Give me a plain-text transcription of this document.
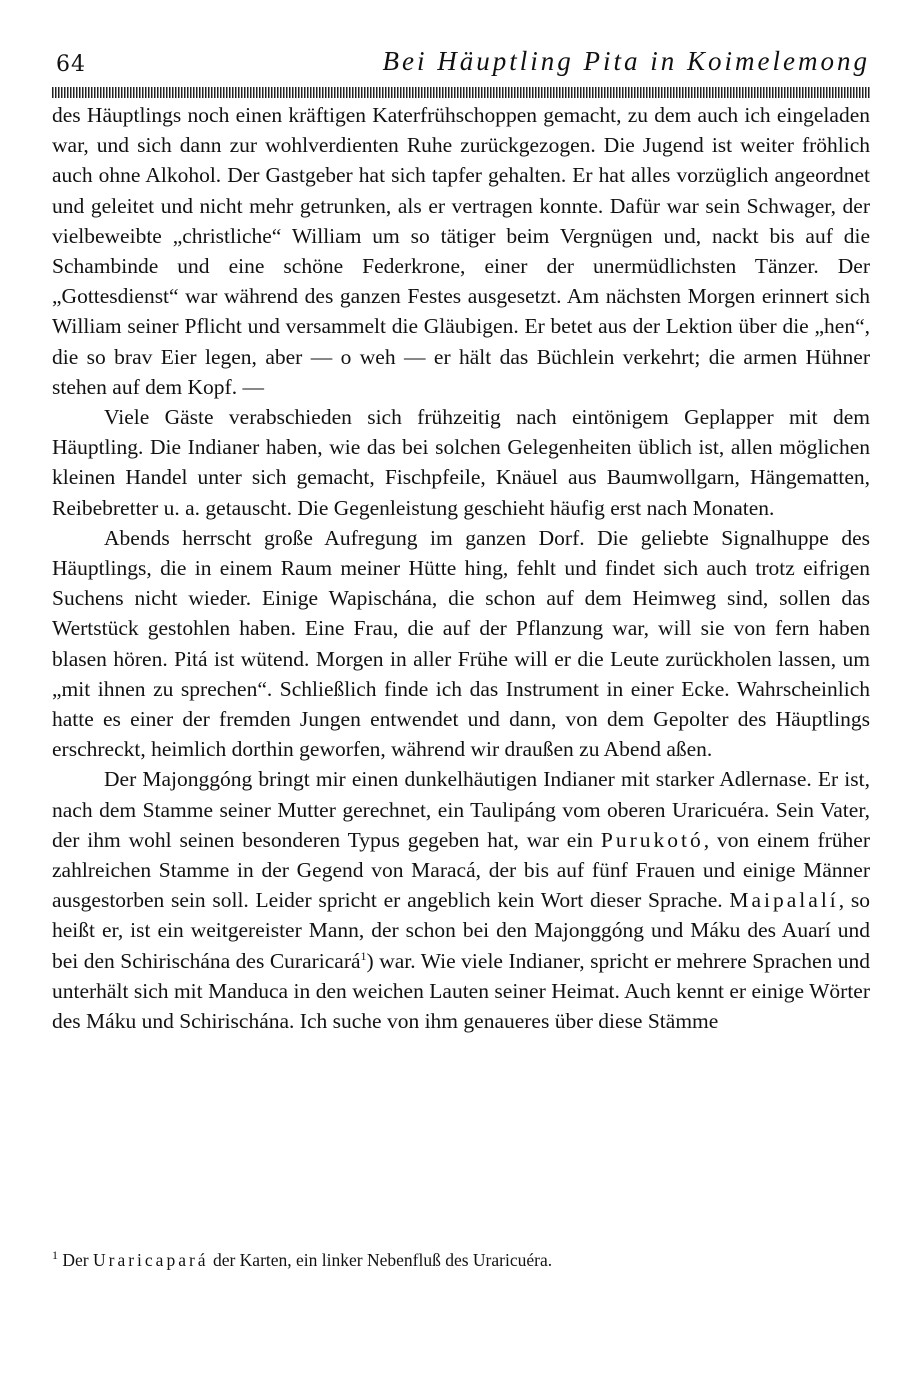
64	Bei Häuptling Pita in Koimelemong

des Häuptlings noch einen kräftigen Katerfrühschoppen gemacht, zu dem auch ich eingeladen war, und sich dann zur wohlverdienten Ruhe zurückgezogen. Die Jugend ist weiter fröhlich auch ohne Alkohol. Der Gastgeber hat sich tapfer gehalten. Er hat alles vorzüglich angeordnet und geleitet und nicht mehr getrunken, als er vertragen konnte. Dafür war sein Schwager, der vielbeweibte „christliche“ William um so tätiger beim Vergnügen und, nackt bis auf die Schambinde und eine schöne Federkrone, einer der unermüdlichsten Tänzer. Der „Gottesdienst“ war während des ganzen Festes ausgesetzt. Am nächsten Morgen erinnert sich William seiner Pflicht und versammelt die Gläubigen. Er betet aus der Lektion über die „hen“, die so brav Eier legen, aber — o weh — er hält das Büchlein verkehrt; die armen Hühner stehen auf dem Kopf. —

Viele Gäste verabschieden sich frühzeitig nach eintönigem Geplapper mit dem Häuptling. Die Indianer haben, wie das bei solchen Gelegenheiten üblich ist, allen möglichen kleinen Handel unter sich gemacht, Fischpfeile, Knäuel aus Baumwollgarn, Hängematten, Reibebretter u. a. getauscht. Die Gegenleistung geschieht häufig erst nach Monaten.

Abends herrscht große Aufregung im ganzen Dorf. Die geliebte Signalhuppe des Häuptlings, die in einem Raum meiner Hütte hing, fehlt und findet sich auch trotz eifrigen Suchens nicht wieder. Einige Wapischána, die schon auf dem Heimweg sind, sollen das Wertstück gestohlen haben. Eine Frau, die auf der Pflanzung war, will sie von fern haben blasen hören. Pitá ist wütend. Morgen in aller Frühe will er die Leute zurückholen lassen, um „mit ihnen zu sprechen“. Schließlich finde ich das Instrument in einer Ecke. Wahrscheinlich hatte es einer der fremden Jungen entwendet und dann, von dem Gepolter des Häuptlings erschreckt, heimlich dorthin geworfen, während wir draußen zu Abend aßen.

Der Majonggóng bringt mir einen dunkelhäutigen Indianer mit starker Adlernase. Er ist, nach dem Stamme seiner Mutter gerechnet, ein Taulipáng vom oberen Uraricuéra. Sein Vater, der ihm wohl seinen besonderen Typus gegeben hat, war ein Purukotó, von einem früher zahlreichen Stamme in der Gegend von Maracá, der bis auf fünf Frauen und einige Männer ausgestorben sein soll. Leider spricht er angeblich kein Wort dieser Sprache. Maipalalí, so heißt er, ist ein weitgereister Mann, der schon bei den Majonggóng und Máku des Auarí und bei den Schirischána des Curaricará$^1$) war. Wie viele Indianer, spricht er mehrere Sprachen und unterhält sich mit Manduca in den weichen Lauten seiner Heimat. Auch kennt er einige Wörter des Máku und Schirischána. Ich suche von ihm genaueres über diese Stämme

$^1$ Der Uraricapará der Karten, ein linker Nebenfluß des Uraricuéra.
